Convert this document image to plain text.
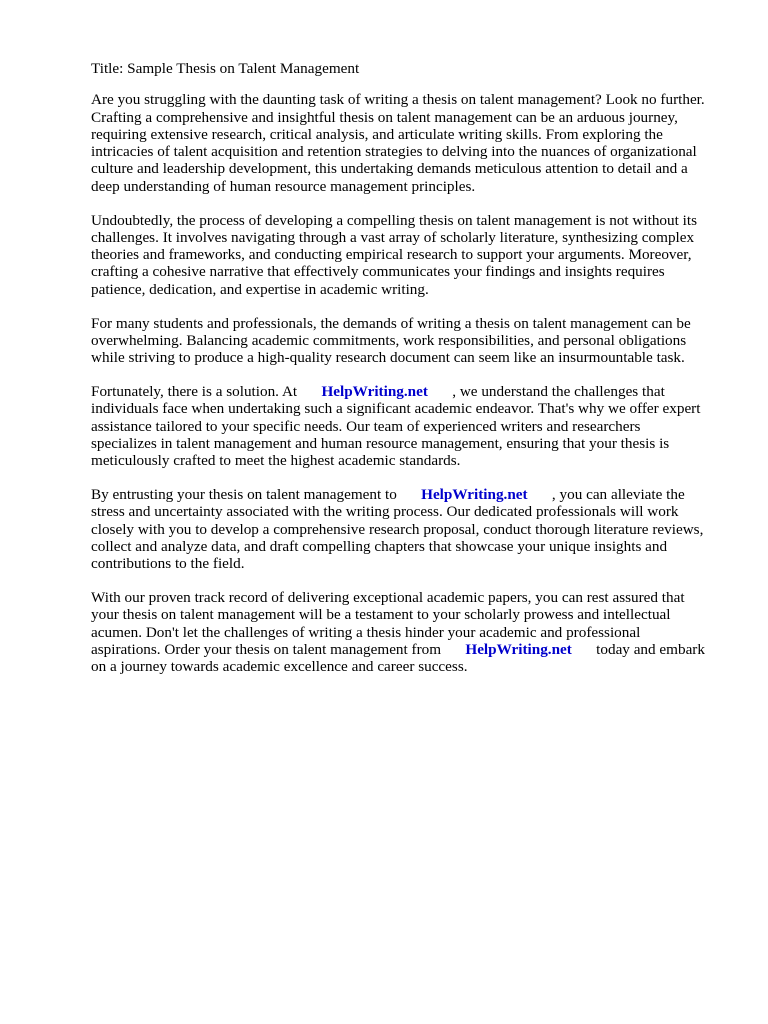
Title: Sample Thesis on Talent Management
Are you struggling with the daunting task of writing a thesis on talent management? Look no further.
Crafting a comprehensive and insightful thesis on talent management can be an arduous journey,
requiring extensive research, critical analysis, and articulate writing skills. From exploring the
intricacies of talent acquisition and retention strategies to delving into the nuances of organizational
culture and leadership development, this undertaking demands meticulous attention to detail and a
deep understanding of human resource management principles.
Undoubtedly, the process of developing a compelling thesis on talent management is not without its
challenges. It involves navigating through a vast array of scholarly literature, synthesizing complex
theories and frameworks, and conducting empirical research to support your arguments. Moreover,
crafting a cohesive narrative that effectively communicates your findings and insights requires
patience, dedication, and expertise in academic writing.
For many students and professionals, the demands of writing a thesis on talent management can be
overwhelming. Balancing academic commitments, work responsibilities, and personal obligations
while striving to produce a high-quality research document can seem like an insurmountable task.
Fortunately, there is a solution. At HelpWriting.net , we understand the challenges that
individuals face when undertaking such a significant academic endeavor. That's why we offer expert
assistance tailored to your specific needs. Our team of experienced writers and researchers
specializes in talent management and human resource management, ensuring that your thesis is
meticulously crafted to meet the highest academic standards.
By entrusting your thesis on talent management to HelpWriting.net , you can alleviate the
stress and uncertainty associated with the writing process. Our dedicated professionals will work
closely with you to develop a comprehensive research proposal, conduct thorough literature reviews,
collect and analyze data, and draft compelling chapters that showcase your unique insights and
contributions to the field.
With our proven track record of delivering exceptional academic papers, you can rest assured that
your thesis on talent management will be a testament to your scholarly prowess and intellectual
acumen. Don't let the challenges of writing a thesis hinder your academic and professional
aspirations. Order your thesis on talent management from HelpWriting.net today and embark
on a journey towards academic excellence and career success.
